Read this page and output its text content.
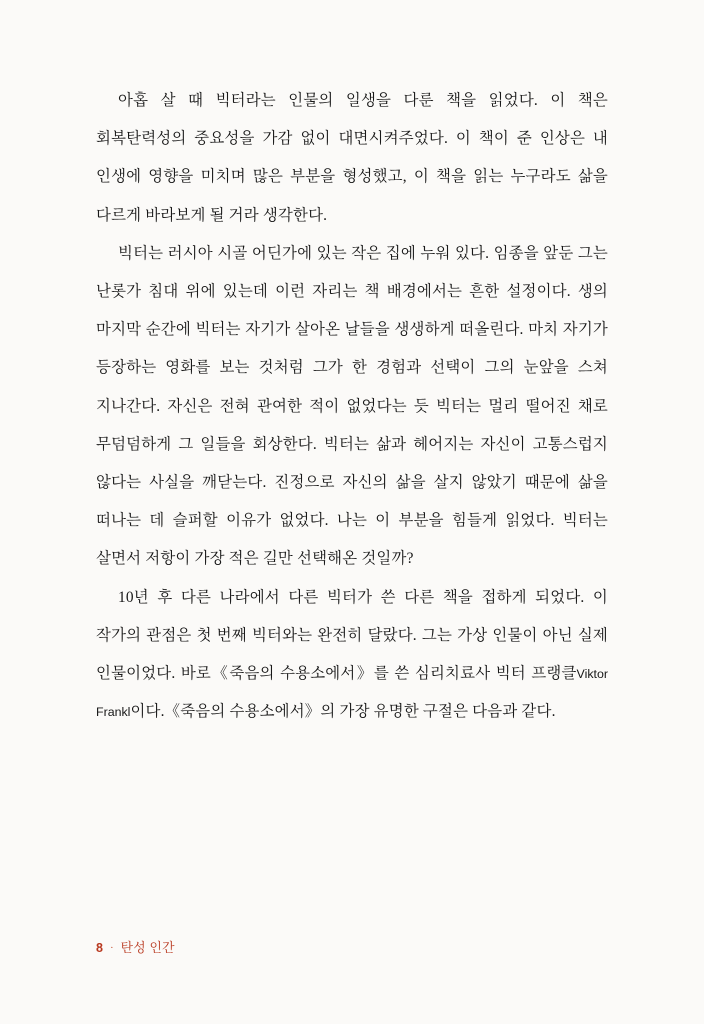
아홉 살 때 빅터라는 인물의 일생을 다룬 책을 읽었다. 이 책은 회복탄력성의 중요성을 가감 없이 대면시켜주었다. 이 책이 준 인상은 내 인생에 영향을 미치며 많은 부분을 형성했고, 이 책을 읽는 누구라도 삶을 다르게 바라보게 될 거라 생각한다.

빅터는 러시아 시골 어딘가에 있는 작은 집에 누워 있다. 임종을 앞둔 그는 난롯가 침대 위에 있는데 이런 자리는 책 배경에서는 흔한 설정이다. 생의 마지막 순간에 빅터는 자기가 살아온 날들을 생생하게 떠올린다. 마치 자기가 등장하는 영화를 보는 것처럼 그가 한 경험과 선택이 그의 눈앞을 스쳐 지나간다. 자신은 전혀 관여한 적이 없었다는 듯 빅터는 멀리 떨어진 채로 무덤덤하게 그 일들을 회상한다. 빅터는 삶과 헤어지는 자신이 고통스럽지 않다는 사실을 깨닫는다. 진정으로 자신의 삶을 살지 않았기 때문에 삶을 떠나는 데 슬퍼할 이유가 없었다. 나는 이 부분을 힘들게 읽었다. 빅터는 살면서 저항이 가장 적은 길만 선택해온 것일까?

10년 후 다른 나라에서 다른 빅터가 쓴 다른 책을 접하게 되었다. 이 작가의 관점은 첫 번째 빅터와는 완전히 달랐다. 그는 가상 인물이 아닌 실제 인물이었다. 바로《죽음의 수용소에서》를 쓴 심리치료사 빅터 프랭클Viktor Frankl이다.《죽음의 수용소에서》의 가장 유명한 구절은 다음과 같다.

8 · 탄성 인간
